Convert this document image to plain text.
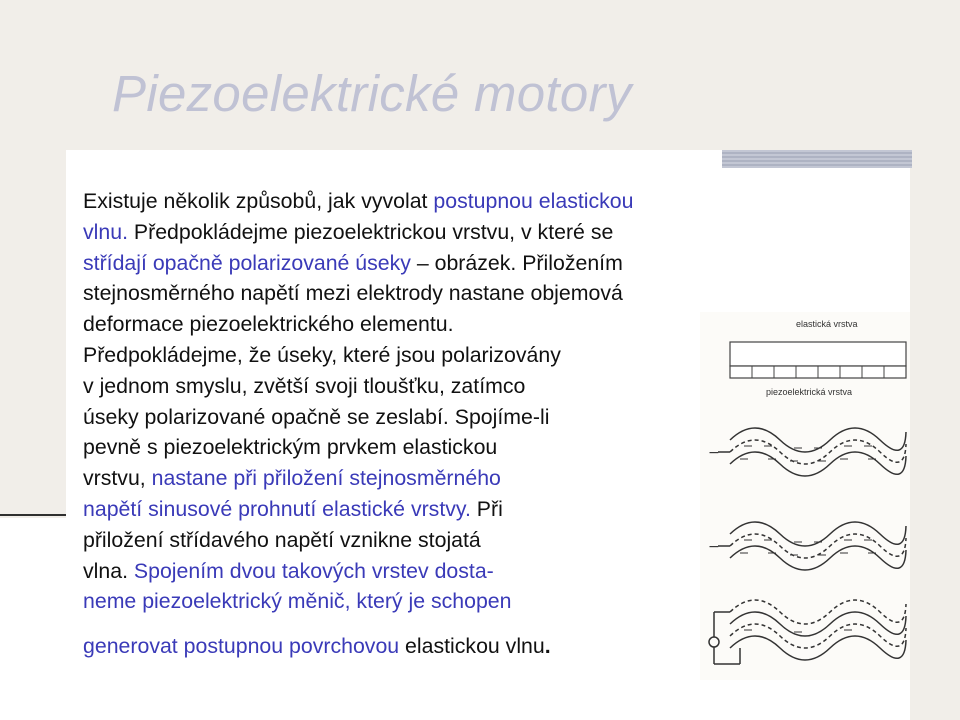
Piezoelektrické motory
Existuje několik způsobů, jak vyvolat postupnou elastickou
vlnu. Předpokládejme piezoelektrickou vrstvu, v které se
střídají opačně polarizované úseky – obrázek. Přiložením
stejnosměrného napětí mezi elektrody nastane objemová
deformace piezoelektrického elementu.
Předpokládejme, že úseky, které jsou polarizovány
v jednom smyslu, zvětší svoji tloušťku, zatímco
úseky polarizované opačně se zeslabí. Spojíme-li
pevně s piezoelektrickým prvkem elastickou
vrstvu, nastane při přiložení stejnosměrného
napětí sinusové prohnutí elastické vrstvy. Při
přiložení střídavého napětí vznikne stojatá
vlna. Spojením dvou takových vrstev dosta-
neme piezoelektrický měnič, který je schopen
generovat postupnou povrchovou elastickou vlnu.
elastická vrstva
piezoelektrická vrstva
−
−
